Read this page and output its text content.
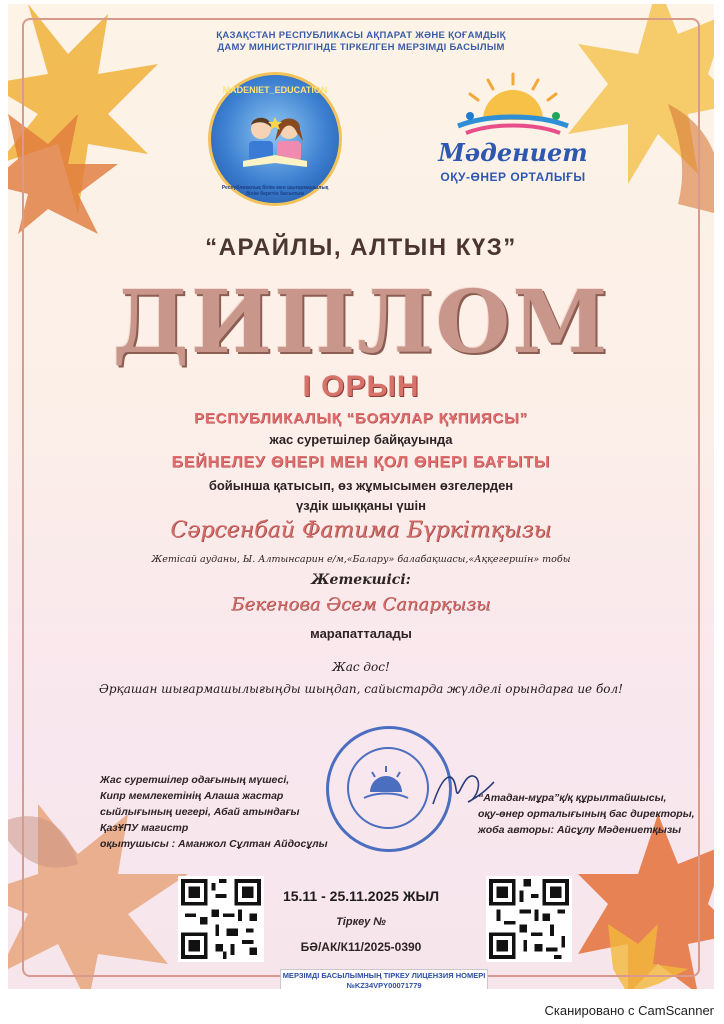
ҚАЗАҚСТАН РЕСПУБЛИКАСЫ АҚПАРАТ ЖӘНЕ ҚОҒАМДЫҚ
ДАМУ МИНИСТРЛІГІНДЕ ТІРКЕЛГЕН МЕРЗІМДІ БАСЫЛЫМ
MADENIET_EDUCATION
Республикалық білім мен шығармашылық білім беретін басылым
Мәдениет
ОҚУ-ӨНЕР ОРТАЛЫҒЫ
“АРАЙЛЫ, АЛТЫН КҮЗ”
ДИПЛОМ
І ОРЫН
РЕСПУБЛИКАЛЫҚ “БОЯУЛАР ҚҰПИЯСЫ”
жас суретшілер байқауында
БЕЙНЕЛЕУ ӨНЕРІ МЕН ҚОЛ ӨНЕРІ БАҒЫТЫ
бойынша қатысып, өз жұмысымен өзгелерден
үздік шыққаны үшін
Сәрсенбай Фатима Бүркітқызы
Жетісай ауданы, Ы. Алтынсарин е/м,«Балару» балабақшасы,«Аққегершін» тобы
Жетекшісі:
Бекенова Әсем Сапарқызы
марапатталады
Жас дос!
Әрқашан шығармашылығыңды шыңдап, сайыстарда жүлделі орындарға ие бол!
Жас суретшілер одағының мүшесі,
Кипр мемлекетінің Алаша жастар
сыйлығының иегері, Абай атындағы ҚазҰПУ магистр
оқытушысы : Аманжол Сұлтан Айдосұлы
“Атадан-мұра”қ/қ құрылтайшысы,
оқу-өнер орталығының бас директоры,
жоба авторы: Айсұлу Мәдениетқызы
15.11 - 25.11.2025 ЖЫЛ
Тіркеу №
БӘ/АК/К11/2025-0390
МЕРЗІМДІ БАСЫЛЫМНЫҢ ТІРКЕУ ЛИЦЕНЗИЯ НОМЕРІ
№KZ34VPY00071779
Сканировано с CamScanner
